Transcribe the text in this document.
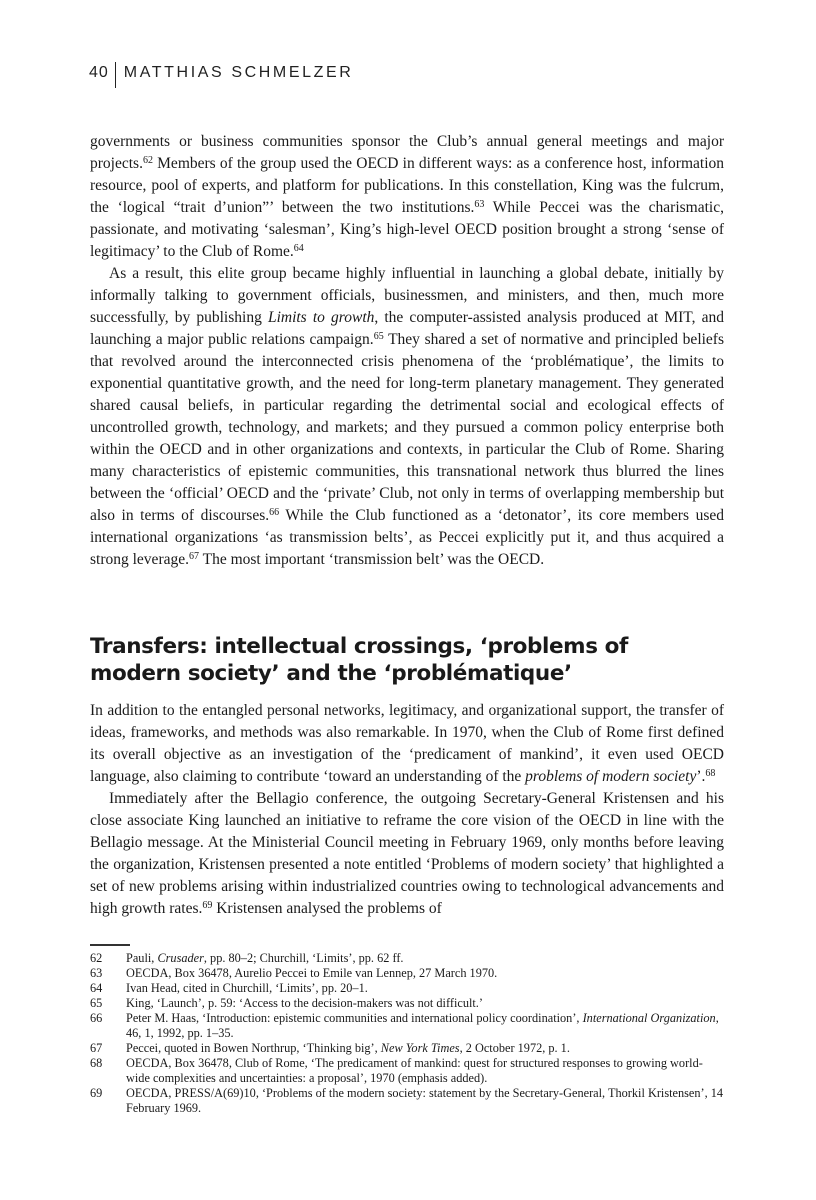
40 MATTHIAS SCHMELZER

governments or business communities sponsor the Club’s annual general meetings and major projects.$^{62}$ Members of the group used the OECD in different ways: as a conference host, information resource, pool of experts, and platform for publications. In this constellation, King was the fulcrum, the ‘logical “trait d’union”’ between the two institutions.$^{63}$ While Peccei was the charismatic, passionate, and motivating ‘salesman’, King’s high-level OECD position brought a strong ‘sense of legitimacy’ to the Club of Rome.$^{64}$

As a result, this elite group became highly influential in launching a global debate, initially by informally talking to government officials, businessmen, and ministers, and then, much more successfully, by publishing Limits to growth, the computer-assisted analysis produced at MIT, and launching a major public relations campaign.$^{65}$ They shared a set of normative and principled beliefs that revolved around the interconnected crisis phenomena of the ‘problématique’, the limits to exponential quantitative growth, and the need for long-term planetary management. They generated shared causal beliefs, in particular regarding the detrimental social and ecological effects of uncontrolled growth, technology, and markets; and they pursued a common policy enterprise both within the OECD and in other organizations and contexts, in particular the Club of Rome. Sharing many characteristics of epistemic communities, this transnational network thus blurred the lines between the ‘official’ OECD and the ‘private’ Club, not only in terms of overlapping membership but also in terms of discourses.$^{66}$ While the Club functioned as a ‘detonator’, its core members used international organizations ‘as transmission belts’, as Peccei explicitly put it, and thus acquired a strong leverage.$^{67}$ The most important ‘transmission belt’ was the OECD.

Transfers: intellectual crossings, ‘problems of modern society’ and the ‘problématique’

In addition to the entangled personal networks, legitimacy, and organizational support, the transfer of ideas, frameworks, and methods was also remarkable. In 1970, when the Club of Rome first defined its overall objective as an investigation of the ‘predicament of mankind’, it even used OECD language, also claiming to contribute ‘toward an understanding of the problems of modern society’.$^{68}$

Immediately after the Bellagio conference, the outgoing Secretary-General Kristensen and his close associate King launched an initiative to reframe the core vision of the OECD in line with the Bellagio message. At the Ministerial Council meeting in February 1969, only months before leaving the organization, Kristensen presented a note entitled ‘Problems of modern society’ that highlighted a set of new problems arising within industrialized countries owing to technological advancements and high growth rates.$^{69}$ Kristensen analysed the problems of

62	Pauli, Crusader, pp. 80–2; Churchill, ‘Limits’, pp. 62 ff.
63	OECDA, Box 36478, Aurelio Peccei to Emile van Lennep, 27 March 1970.
64	Ivan Head, cited in Churchill, ‘Limits’, pp. 20–1.
65	King, ‘Launch’, p. 59: ‘Access to the decision-makers was not difficult.’
66	Peter M. Haas, ‘Introduction: epistemic communities and international policy coordination’, International Organization, 46, 1, 1992, pp. 1–35.
67	Peccei, quoted in Bowen Northrup, ‘Thinking big’, New York Times, 2 October 1972, p. 1.
68	OECDA, Box 36478, Club of Rome, ‘The predicament of mankind: quest for structured responses to growing world-wide complexities and uncertainties: a proposal’, 1970 (emphasis added).
69	OECDA, PRESS/A(69)10, ‘Problems of the modern society: statement by the Secretary-General, Thorkil Kristensen’, 14 February 1969.
